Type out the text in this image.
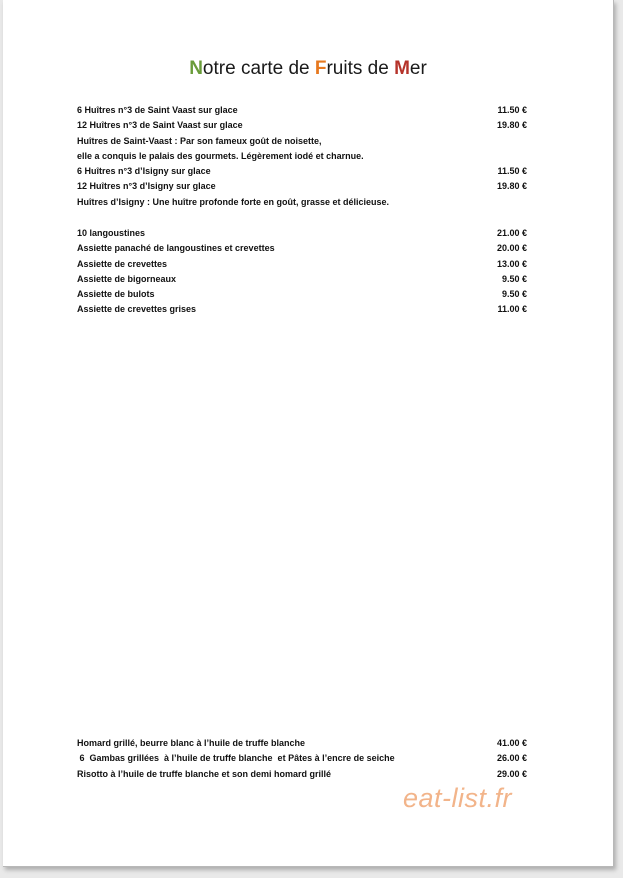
Notre carte de Fruits de Mer
6 Huîtres n°3 de Saint Vaast sur glace	11.50 €
12 Huîtres n°3 de Saint Vaast sur glace	19.80 €
Huîtres de Saint-Vaast : Par son fameux goût de noisette,
elle a conquis le palais des gourmets. Légèrement iodé et charnue.
6 Huîtres n°3 d’Isigny sur glace	11.50 €
12 Huîtres n°3 d’Isigny sur glace	19.80 €
Huîtres d’Isigny : Une huître profonde forte en goût, grasse et délicieuse.
10 langoustines	21.00 €
Assiette panaché de langoustines et crevettes	20.00 €
Assiette de crevettes	13.00 €
Assiette de bigorneaux	9.50 €
Assiette de bulots	9.50 €
Assiette de crevettes grises	11.00 €
Homard grillé, beurre blanc à l’huile de truffe blanche	41.00 €
6  Gambas grillées  à l’huile de truffe blanche  et Pâtes à l’encre de seiche	26.00 €
Risotto à l’huile de truffe blanche et son demi homard grillé	29.00 €
eat-list.fr
